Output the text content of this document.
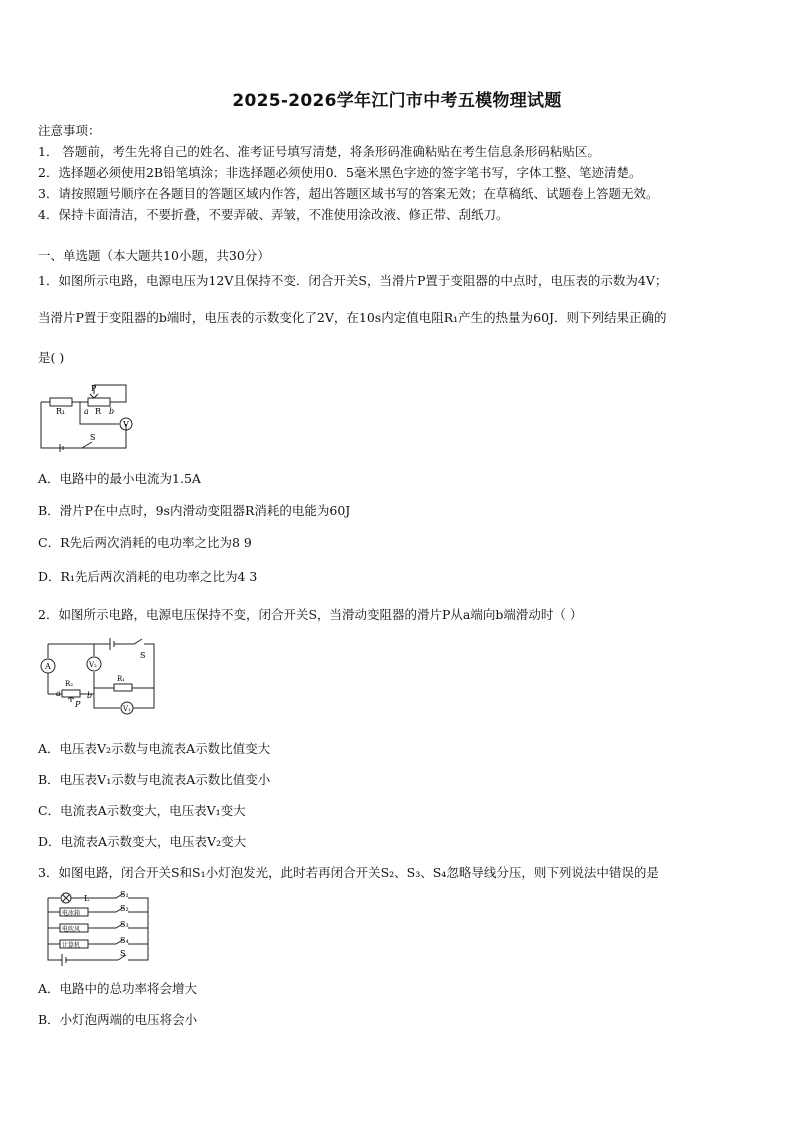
2025-2026学年江门市中考五模物理试题
注意事项：
1． 答题前，考生先将自己的姓名、准考证号填写清楚，将条形码准确粘贴在考生信息条形码粘贴区。
2．选择题必须使用2B铅笔填涂；非选择题必须使用0．5毫米黑色字迹的签字笔书写，字体工整、笔迹清楚。
3．请按照题号顺序在各题目的答题区域内作答，超出答题区域书写的答案无效；在草稿纸、试题卷上答题无效。
4．保持卡面清洁，不要折叠，不要弄破、弄皱，不准使用涂改液、修正带、刮纸刀。
一、单选题（本大题共10小题，共30分）
1．如图所示电路，电源电压为12V且保持不变．闭合开关S，当滑片P置于变阻器的中点时，电压表的示数为4V；
当滑片P置于变阻器的b端时，电压表的示数变化了2V，在10s内定值电阻R₁产生的热量为60J．则下列结果正确的
是( )
P
R₁ a R b
V
S
A．电路中的最小电流为1.5A
B．滑片P在中点时，9s内滑动变阻器R消耗的电能为60J
C．R先后两次消耗的电功率之比为8 9
D．R₁先后两次消耗的电功率之比为4 3
2．如图所示电路，电源电压保持不变，闭合开关S，当滑动变阻器的滑片P从a端向b端滑动时（ ）
A	V₂
S
R₂
R₁
a	b
P	V₁
A．电压表V₂示数与电流表A示数比值变大
B．电压表V₁示数与电流表A示数比值变小
C．电流表A示数变大，电压表V₁变大
D．电流表A示数变大，电压表V₂变大
3．如图电路，闭合开关S和S₁小灯泡发光，此时若再闭合开关S₂、S₃、S₄忽略导线分压，则下列说法中错误的是
L
电冰箱
电吹风
计算机
S₁
S₂
S₃
S₄
S
A．电路中的总功率将会增大
B．小灯泡两端的电压将会小
